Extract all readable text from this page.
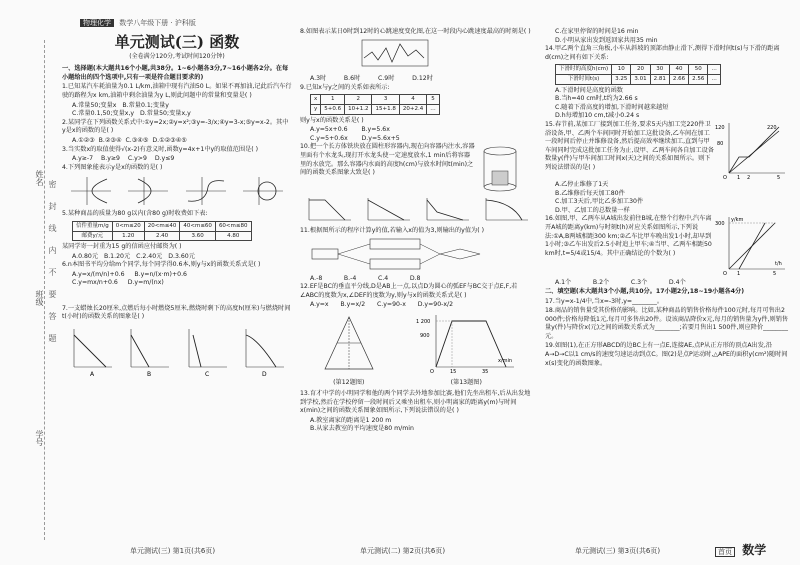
物理化学 数学八年级下册 · 沪科版
姓名
班级
学号
密封线内不要答题
单元测试(三) 函数
(全卷满分120分,考试时间120分钟)
一、选择题(本大题共16个小题,共38分。1~6小题各3分,7~16小题各2分。在每小题给出的四个选项中,只有一项是符合题目要求的)
1.已知某汽车耗油量为0.1 L/km,油箱中现有汽油50 L。如果不再加油,记此后汽车行驶的路程为x km,油箱中剩余油量为y L,则此问题中的常量和变量是( )
A.常量50;变量x B.常量0.1;变量y
C.常量0.1,50;变量x,y D.常量50;变量x,y
2.某同学在下列函数关系式中:①y=2x;②y=x²;③y=-3/x;④y=3-x;⑤y=x-2。其中y是x的函数的是( )
A.①②③ B.②③④ C.③④⑤ D.①②③④⑤
3.当实数x的取值使得√(x-2)有意义时,函数y=4x+1中y的取值范围是( )
A.y≥-7 B.y≥9 C.y>9 D.y≤9
4.下列图象能表示y是x的函数的是( )
5.某种商品的质量为80 g以内(含80 g)时收费如下表:
信件重量m/g	0<m≤20	20<m≤40	40<m≤60	60<m≤80
邮费y/元	1.20	2.40	3.60	4.80
某同学寄一封重为15 g的信函应付邮资为( )
A.0.80元 B.1.20元 C.2.40元 D.3.60元
6.n本图书平均分给m个同学,每个同学得0.6本,则y与x的函数关系式是( )
A.y=x/(m/n)+0.6     B.y=n/(x·m)+0.6
C.y=mx/n+0.6     D.y=m/(nx)
7.一支蜡烛长20厘米,点燃后每小时燃烧5厘米,燃烧时剩下的高度h(厘米)与燃烧时间t(小时)的函数关系的图象是( )
A	B	C	D
8.如图表示某日0时到12时的心跳速度变化图,在这一时段内心跳速度最高的时刻是( )
A.3时	B.6时	C.9时	D.12时
9.已知x与y之间的关系如表所示:
x	1	2	3	4	5
y	5+0.6	10+1.2	15+1.8	20+2.4	…
则y与x的函数关系是( )
A.y=5x+0.6 B.y=5.6x
C.y=5+0.6x D.y=5.6x+5
10.把一个长方体铁块放在圆柱形容器内,现在向容器内注水,容器里面有个水龙头,现打开水龙头使一定速度放水,1 min后将容器里的水放完。那么容器内水面的高度h(cm)与放水时间t(min)之间的函数关系图象大致是( )
11.根据图所示的程序计算y的值,若输入x的值为3,则输出的y值为( )
A.-8	B.-4	C.4	D.8
12.EF是BC的垂直平分线,D是AB上一点,以点D为圆心的弧EF与BC交于点E,F,若∠ABC的度数为x,∠DEF的度数为y,则y与x的函数关系式是( )
A.y=x B.y=x/2 C.y=90-x D.y=90-x/2

(第12题图)
1 200
900
O	15	35
x/min

(第13题图)
13.育才中学的小明同学和他的两个同学去外地参加比赛,他们先坐出租车,后从出发地到学校,然后在学校停留一段时间后又乘坐出租车,则小明离家的距离y(m)与时间x(min)之间的函数关系图象如图所示,下列说法错误的是( )
A.教室离家的距离是1 200 m
B.从家去教室的平均速度是80 m/min
C.在家里停留的时间是16 min
D.小明从家出发到返回家共用35 min
14.甲乙两个直角三角板,小车从斜坡的顶部由静止滑下,测得下滑时间t(s)与下滑的距离d(cm)之间有如下关系:
下滑时的高度h(cm)	10	20	30	40	50	…
下滑时间t(s)	3.25	3.01	2.81	2.66	2.56	…
A.下滑时间是高度的函数
B.当h=40 cm时,t约为2.66 s
C.随着下滑高度的增加,下滑时间越来越短
D.h每增加10 cm,t减小0.24 s
15.春节前,某加工厂接到加工任务,要求5天内加工完220件卫浴设备,甲、乙两个车间同时开始加工这批设备,乙车间在加工一段时间后停止并维修设备,然后提高效率继续加工,直到与甲车间同时完成这批加工任务为止,设甲、乙两车间各自加工设备数量y(件)与甲车间加工时间x(天)之间的关系如图所示。则下列说法错误的是( )
120
80
220
O 1 2	5
A.乙停止维修了1天
B.乙维修后每天加工80件
C.加工3天后,甲比乙多加工30件
D.甲、乙加工的总数量一样
16.如图,甲、乙两车从A城出发前往B城,在整个行程中,汽车离开A城的距离y(km)与时刻t(h)对应关系如图所示,下列说法:①A,B两城相距300 km;②乙车比甲车晚出发1小时,却早到1小时;③乙车出发后2.5小时追上甲车;④当甲、乙两车相距50 km时,t=5/4或15/4。其中正确结论的个数为( )
300
O 1	5
t/h
y/km
A.1个	B.2个	C.3个	D.4个
二、填空题(本大题共3个小题,共10分。17小题2分,18~19小题各4分)
17.当y=x-1/4中,当x=-3时,y=________。
18.商品的销售量受其价格的影响。比如,某种商品的销售价格每件100元时,每月可售出2 000件;价格每降低1元,每月可多售出20件。设该商品降价x元,每月的销售量为y件,则销售量y(件)与降价x(元)之间的函数关系式为________;若要月售出1 500件,则应降价________元。
19.如图(1),在正方形ABCD的边BC上有一点E,连接AE,点P从正方形的顶点A出发,沿A→D→C以1 cm/s的速度匀速运动到点C。图(2)是点P运动时,△APE的面积y(cm²)随时间x(s)变化的函数图象。
单元测试(三) 第1页(共6页)	单元测试(二) 第2页(共6页)	单元测试(三) 第3页(共6页)	首页 数学
